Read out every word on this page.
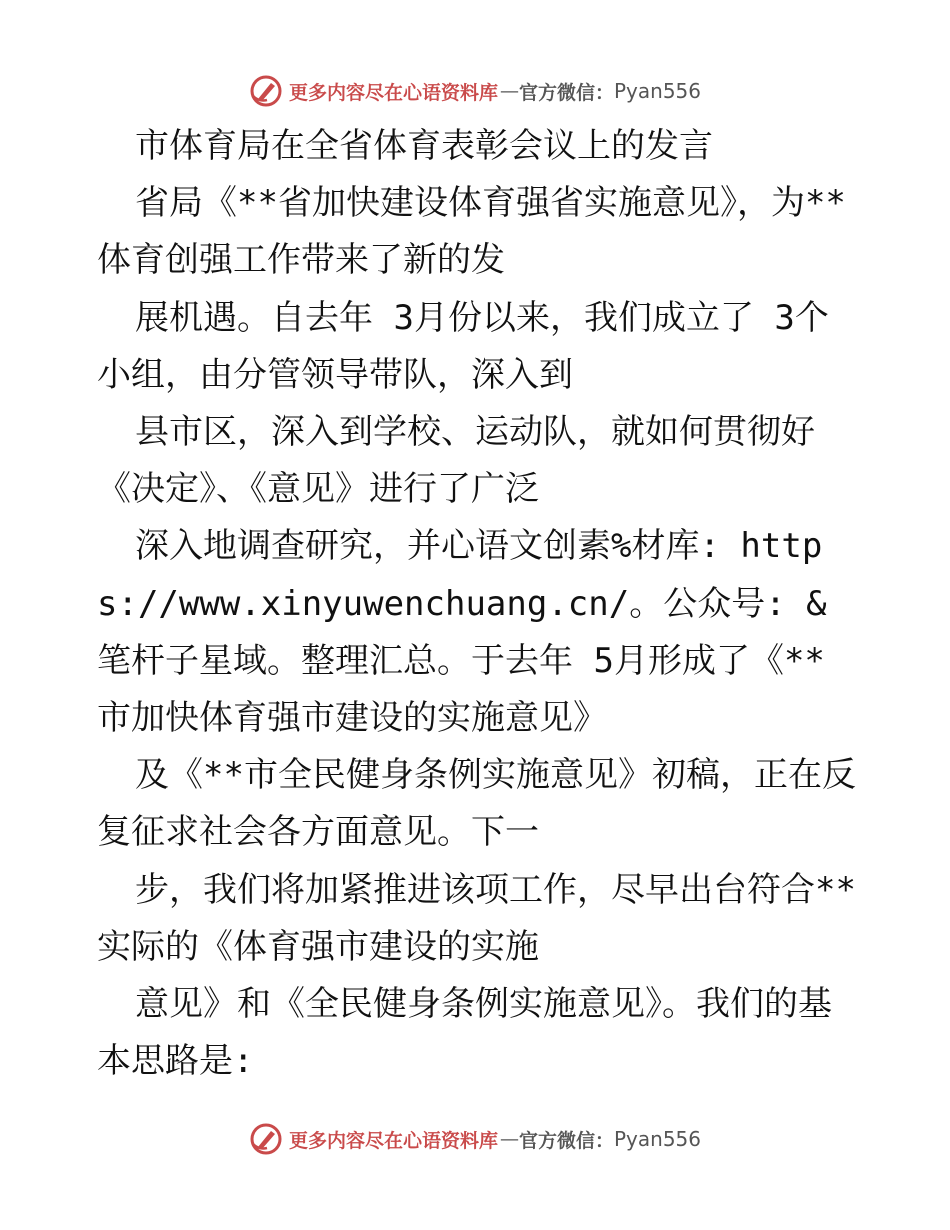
更多内容尽在心语资料库 — 官方微信： Pyan556

市体育局在全省体育表彰会议上的发言

省局《**省加快建设体育强省实施意见》，为**体育创强工作带来了新的发

展机遇。自去年 3月份以来，我们成立了 3个小组，由分管领导带队，深入到

县市区，深入到学校、运动队，就如何贯彻好《决定》、《意见》进行了广泛

深入地调查研究，并心语文创素%材库: https://www.xinyuwenchuang.cn/。公众号: &笔杆子星域。整理汇总。于去年 5月形成了《**市加快体育强市建设的实施意见》

及《**市全民健身条例实施意见》初稿，正在反复征求社会各方面意见。下一

步，我们将加紧推进该项工作，尽早出台符合**实际的《体育强市建设的实施

意见》和《全民健身条例实施意见》。我们的基本思路是:

更多内容尽在心语资料库 — 官方微信： Pyan556
